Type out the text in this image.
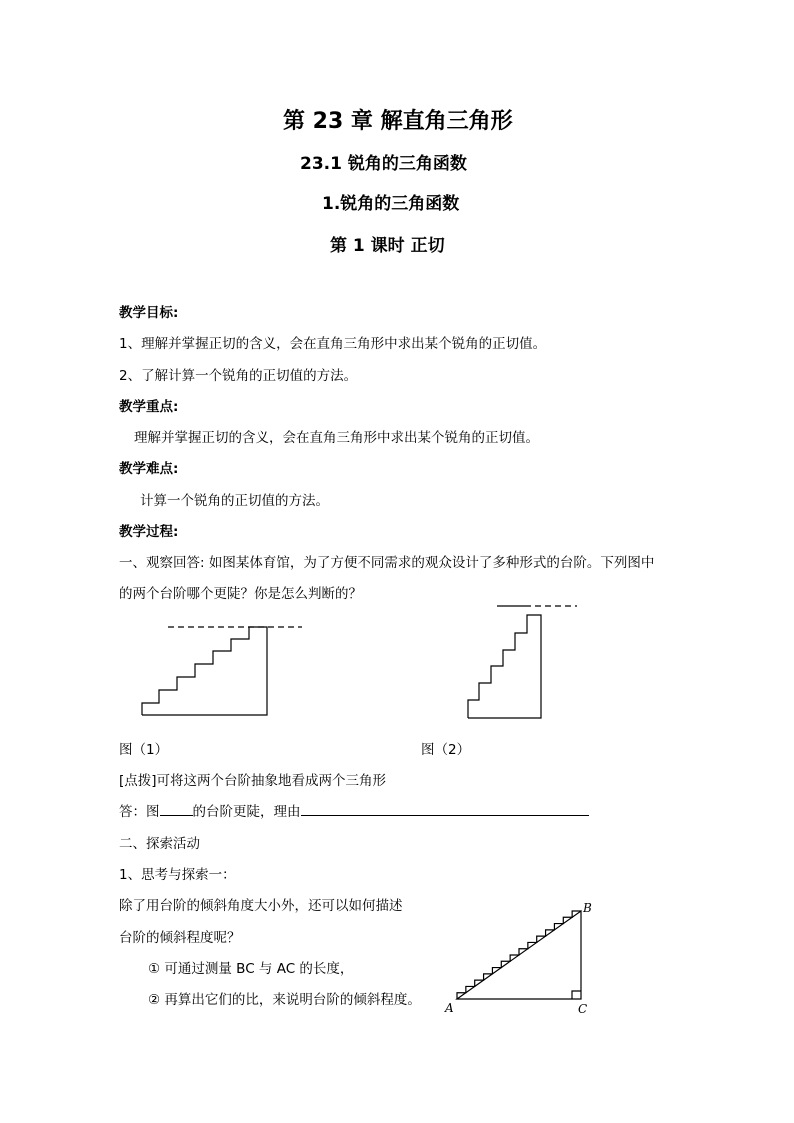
第 23 章 解直角三角形
23.1 锐角的三角函数
1.锐角的三角函数
第 1 课时 正切
教学目标:
1、理解并掌握正切的含义，会在直角三角形中求出某个锐角的正切值。
2、了解计算一个锐角的正切值的方法。
教学重点:
理解并掌握正切的含义，会在直角三角形中求出某个锐角的正切值。
教学难点:
计算一个锐角的正切值的方法。
教学过程:
一、观察回答: 如图某体育馆，为了方便不同需求的观众设计了多种形式的台阶。下列图中
的两个台阶哪个更陡？你是怎么判断的？
图（1）	图（2）
[点拨]可将这两个台阶抽象地看成两个三角形
答：图 的台阶更陡，理由
二、探索活动
1、思考与探索一：
除了用台阶的倾斜角度大小外，还可以如何描述
台阶的倾斜程度呢？
① 可通过测量 BC 与 AC 的长度，
② 再算出它们的比，来说明台阶的倾斜程度。 A
B
C
